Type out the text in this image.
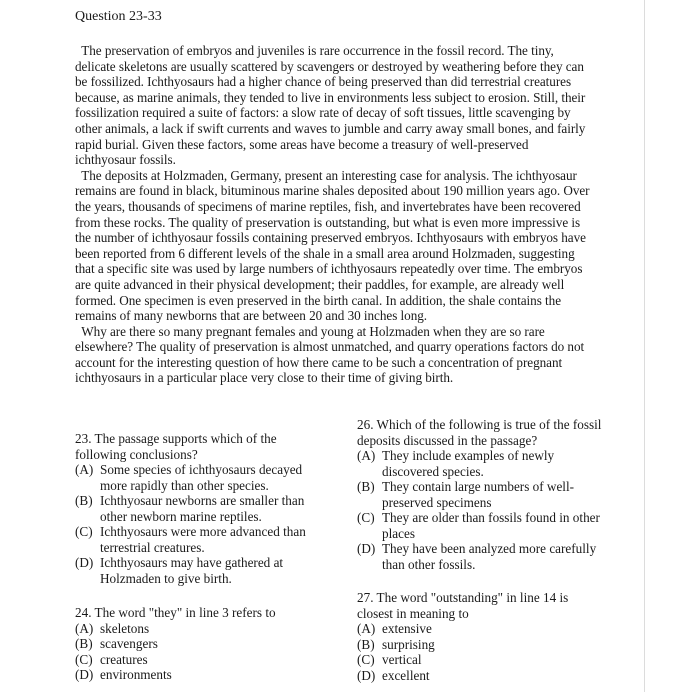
Question 23-33
The preservation of embryos and juveniles is rare occurrence in the fossil record. The tiny,
delicate skeletons are usually scattered by scavengers or destroyed by weathering before they can
be fossilized. Ichthyosaurs had a higher chance of being preserved than did terrestrial creatures
because, as marine animals, they tended to live in environments less subject to erosion. Still, their
fossilization required a suite of factors: a slow rate of decay of soft tissues, little scavenging by
other animals, a lack if swift currents and waves to jumble and carry away small bones, and fairly
rapid burial. Given these factors, some areas have become a treasury of well-preserved
ichthyosaur fossils.
The deposits at Holzmaden, Germany, present an interesting case for analysis. The ichthyosaur
remains are found in black, bituminous marine shales deposited about 190 million years ago. Over
the years, thousands of specimens of marine reptiles, fish, and invertebrates have been recovered
from these rocks. The quality of preservation is outstanding, but what is even more impressive is
the number of ichthyosaur fossils containing preserved embryos. Ichthyosaurs with embryos have
been reported from 6 different levels of the shale in a small area around Holzmaden, suggesting
that a specific site was used by large numbers of ichthyosaurs repeatedly over time. The embryos
are quite advanced in their physical development; their paddles, for example, are already well
formed. One specimen is even preserved in the birth canal. In addition, the shale contains the
remains of many newborns that are between 20 and 30 inches long.
Why are there so many pregnant females and young at Holzmaden when they are so rare
elsewhere? The quality of preservation is almost unmatched, and quarry operations factors do not
account for the interesting question of how there came to be such a concentration of pregnant
ichthyosaurs in a particular place very close to their time of giving birth.
23. The passage supports which of the
following conclusions?
(A) Some species of ichthyosaurs decayed
more rapidly than other species.
(B) Ichthyosaur newborns are smaller than
other newborn marine reptiles.
(C) Ichthyosaurs were more advanced than
terrestrial creatures.
(D) Ichthyosaurs may have gathered at
Holzmaden to give birth.
24. The word "they" in line 3 refers to
(A) skeletons
(B) scavengers
(C) creatures
(D) environments
26. Which of the following is true of the fossil
deposits discussed in the passage?
(A) They include examples of newly
discovered species.
(B) They contain large numbers of well-
preserved specimens
(C) They are older than fossils found in other
places
(D) They have been analyzed more carefully
than other fossils.
27. The word "outstanding" in line 14 is
closest in meaning to
(A) extensive
(B) surprising
(C) vertical
(D) excellent
